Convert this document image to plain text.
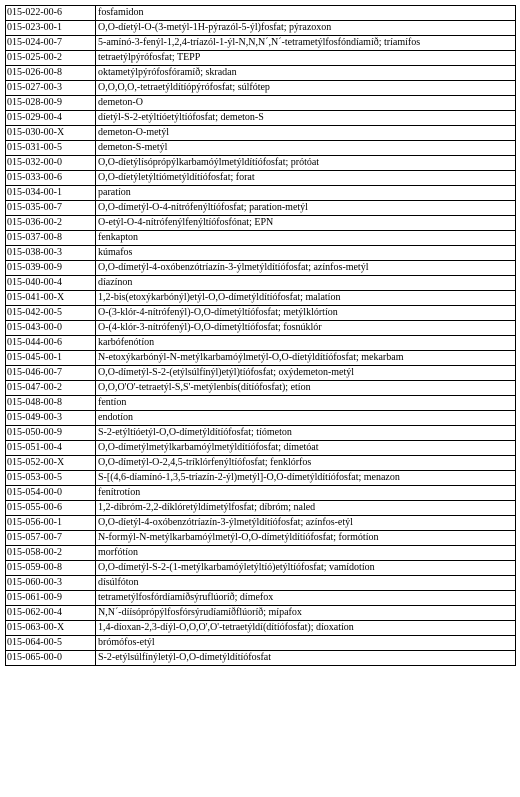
015-022-00-6	fosfamidon
015-023-00-1	O,O-díetýl-O-(3-metýl-1H-pýrazól-5-ýl)fosfat; pýrazoxon
015-024-00-7	5-amínó-3-fenýl-1,2,4-tríazól-1-ýl-N,N,N´,N´-tetrametýlfosfóndíamíð; tríamífos
015-025-00-2	tetraetýlpýrófosfat; TEPP
015-026-00-8	oktametýlpýrófosfóramíð; skradan
015-027-00-3	O,O,O,O,-tetraetýldítíópýrófosfat; súlfótep
015-028-00-9	demeton-O
015-029-00-4	díetýl-S-2-etýltíóetýltíófosfat; demeton-S
015-030-00-X	demeton-O-metýl
015-031-00-5	demeton-S-metýl
015-032-00-0	O,O-díetýlísóprópýlkarbamóýlmetýldítíófosfat; prótóat
015-033-00-6	O,O-díetýletýltíómetýldítíófosfat; forat
015-034-00-1	paratíon
015-035-00-7	O,O-dímetýl-O-4-nítrófenýltíófosfat; paratíon-metýl
015-036-00-2	O-etýl-O-4-nítrófenýlfenýltíófosfónat; EPN
015-037-00-8	fenkapton
015-038-00-3	kúmafos
015-039-00-9	O,O-dímetýl-4-oxóbenzótríazín-3-ýlmetýldítíófosfat; azínfos-metýl
015-040-00-4	díazínon
015-041-00-X	1,2-bis(etoxýkarbónýl)etýl-O,O-dímetýldítíófosfat; malatíon
015-042-00-5	O-(3-klór-4-nítrófenýl)-O,O-dímetýltíófosfat; metýlklórtíon
015-043-00-0	O-(4-klór-3-nítrófenýl)-O,O-dímetýltíófosfat; fosnúklór
015-044-00-6	karbófenótíon
015-045-00-1	N-etoxýkarbónýl-N-metýlkarbamóýlmetýl-O,O-díetýldítíófosfat; mekarbam
015-046-00-7	O,O-dímetýl-S-2-(etýlsúlfínýl)etýl)tíófosfat; oxýdemeton-metýl
015-047-00-2	O,O,O'O'-tetraetýl-S,S'-metýlenbís(dítíófosfat); etíon
015-048-00-8	fentíon
015-049-00-3	endotíon
015-050-00-9	S-2-etýltíóetýl-O,O-dímetýldítíófosfat; tíómeton
015-051-00-4	O,O-dímetýlmetýlkarbamóýlmetýldítíófosfat; dímetóat
015-052-00-X	O,O-dímetýl-O-2,4,5-tríklórfenýltíófosfat; fenklórfos
015-053-00-5	S-[(4,6-díamínó-1,3,5-tríazín-2-ýl)metýl]-O,O-dímetýldítíófosfat; menazon
015-054-00-0	fenítrotíon
015-055-00-6	1,2-díbróm-2,2-díklóretýldímetýlfosfat; díbróm; naled
015-056-00-1	O,O-díetýl-4-oxóbenzótríazín-3-ýlmetýldítíófosfat; azínfos-etýl
015-057-00-7	N-formýl-N-metýlkarbamóýlmetýl-O,O-dímetýldítíófosfat; formótíon
015-058-00-2	morfótíon
015-059-00-8	O,O-dímetýl-S-2-(1-metýlkarbamóýletýltíó)etýltíófosfat; vamídotíon
015-060-00-3	dísúlfóton
015-061-00-9	tetrametýlfosfórdíamíðsýruflúoríð; dímefox
015-062-00-4	N,N´-díísóprópýlfosfórsýrudíamíðflúoríð; mípafox
015-063-00-X	1,4-díoxan-2,3-díýl-O,O,O',O'-tetraetýldí(dítíófosfat); díoxatíon
015-064-00-5	brómófos-etýl
015-065-00-0	S-2-etýlsúlfínýletýl-O,O-dímetýldítíófosfat
